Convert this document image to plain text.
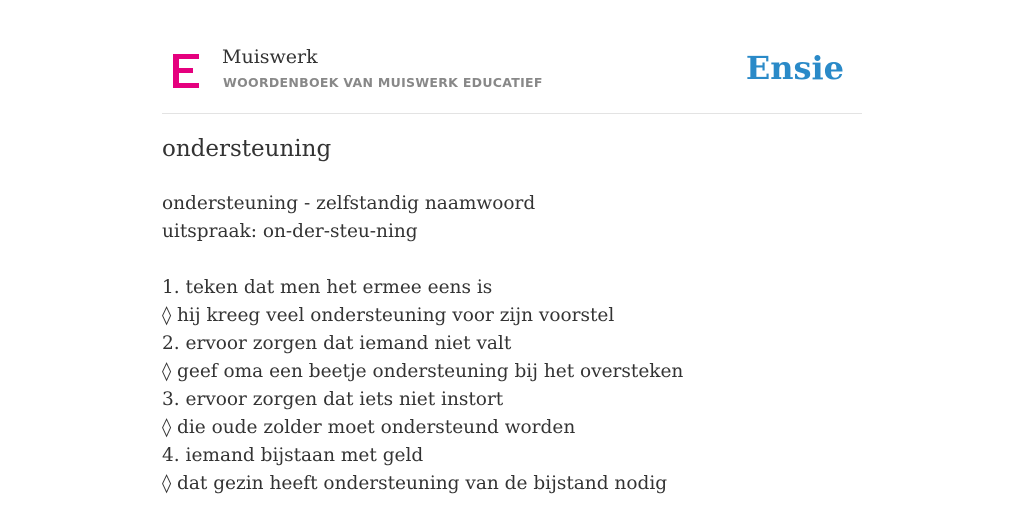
Muiswerk
WOORDENBOEK VAN MUISWERK EDUCATIEF	Ensie
ondersteuning
ondersteuning - zelfstandig naamwoord
uitspraak: on-der-steu-ning
1. teken dat men het ermee eens is
◊ hij kreeg veel ondersteuning voor zijn voorstel
2. ervoor zorgen dat iemand niet valt
◊ geef oma een beetje ondersteuning bij het oversteken
3. ervoor zorgen dat iets niet instort
◊ die oude zolder moet ondersteund worden
4. iemand bijstaan met geld
◊ dat gezin heeft ondersteuning van de bijstand nodig
